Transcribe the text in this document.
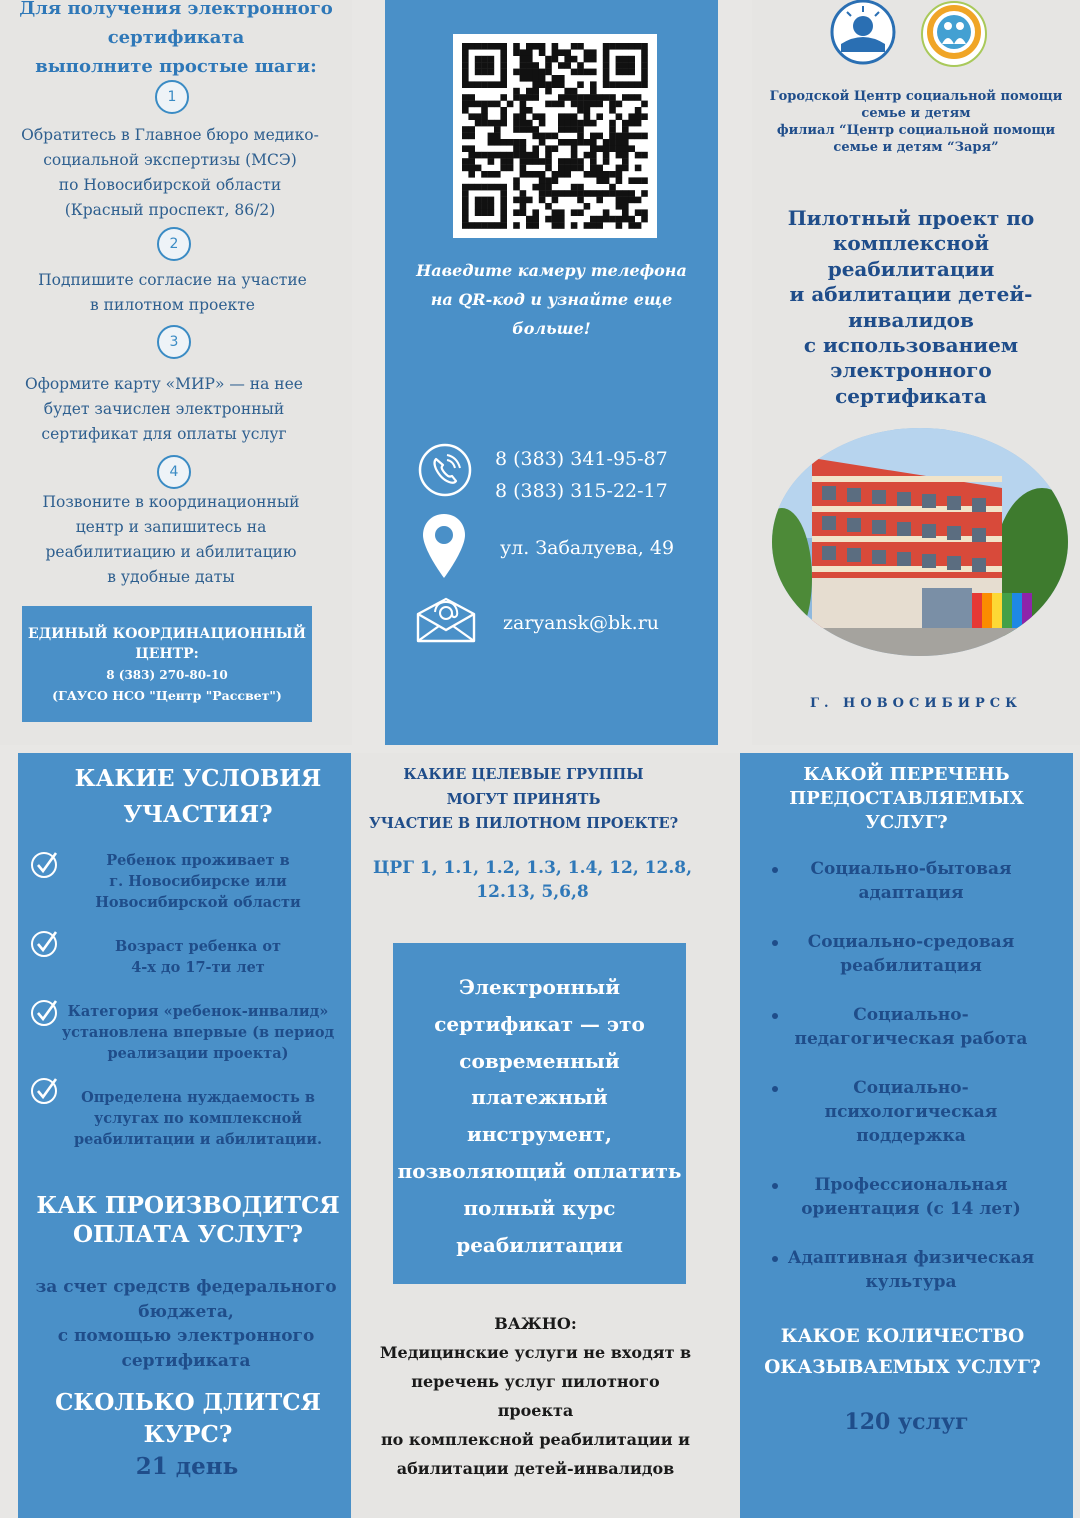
Для получения электронного
сертификата
выполните простые шаги:
1
Обратитесь в Главное бюро медико-
социальной экспертизы (МСЭ)
по Новосибирской области
(Красный проспект, 86/2)
2
Подпишите согласие на участие
в пилотном проекте
3
Оформите карту «МИР» — на нее
будет зачислен электронный
сертификат для оплаты услуг
4
Позвоните в координационный
центр и запишитесь на
реабилитиацию и абилитацию
в удобные даты
ЕДИНЫЙ КООРДИНАЦИОННЫЙ
ЦЕНТР:
8 (383) 270-80-10
(ГАУСО НСО "Центр "Рассвет")
Наведите камеру телефона
на QR-код и узнайте еще
больше!
8 (383) 341-95-87
8 (383) 315-22-17
ул. Забалуева, 49
zaryansk@bk.ru
Городской Центр социальной помощи
семье и детям
филиал “Центр социальной помощи
семье и детям “Заря”
Пилотный проект по
комплексной реабилитации
и абилитации детей-
инвалидов
с использованием
электронного сертификата
Г. НОВОСИБИРСК
КАКИЕ УСЛОВИЯ
УЧАСТИЯ?
Ребенок проживает в
г. Новосибирске или
Новосибирской области
Возраст ребенка от
4-х до 17-ти лет
Категория «ребенок-инвалид»
установлена впервые (в период
реализации проекта)
Определена нуждаемость в
услугах по комплексной
реабилитации и абилитации.
КАК ПРОИЗВОДИТСЯ
ОПЛАТА УСЛУГ?
за счет средств федерального
бюджета,
с помощью электронного
сертификата
СКОЛЬКО ДЛИТСЯ
КУРС?
21 день
КАКИЕ ЦЕЛЕВЫЕ ГРУППЫ
МОГУТ ПРИНЯТЬ
УЧАСТИЕ В ПИЛОТНОМ ПРОЕКТЕ?
ЦРГ 1, 1.1, 1.2, 1.3, 1.4, 12, 12.8,
12.13, 5,6,8
Электронный
сертификат — это
современный
платежный
инструмент,
позволяющий оплатить
полный курс
реабилитации
ВАЖНО:
Медицинские услуги не входят в
перечень услуг пилотного
проекта
по комплексной реабилитации и
абилитации детей-инвалидов
КАКОЙ ПЕРЕЧЕНЬ
ПРЕДОСТАВЛЯЕМЫХ
УСЛУГ?
Социально-бытовая
адаптация
Социально-средовая
реабилитация
Социально-
педагогическая работа
Социально-
психологическая
поддержка
Профессиональная
ориентация (с 14 лет)
Адаптивная физическая
культура
КАКОЕ КОЛИЧЕСТВО
ОКАЗЫВАЕМЫХ УСЛУГ?
120 услуг
